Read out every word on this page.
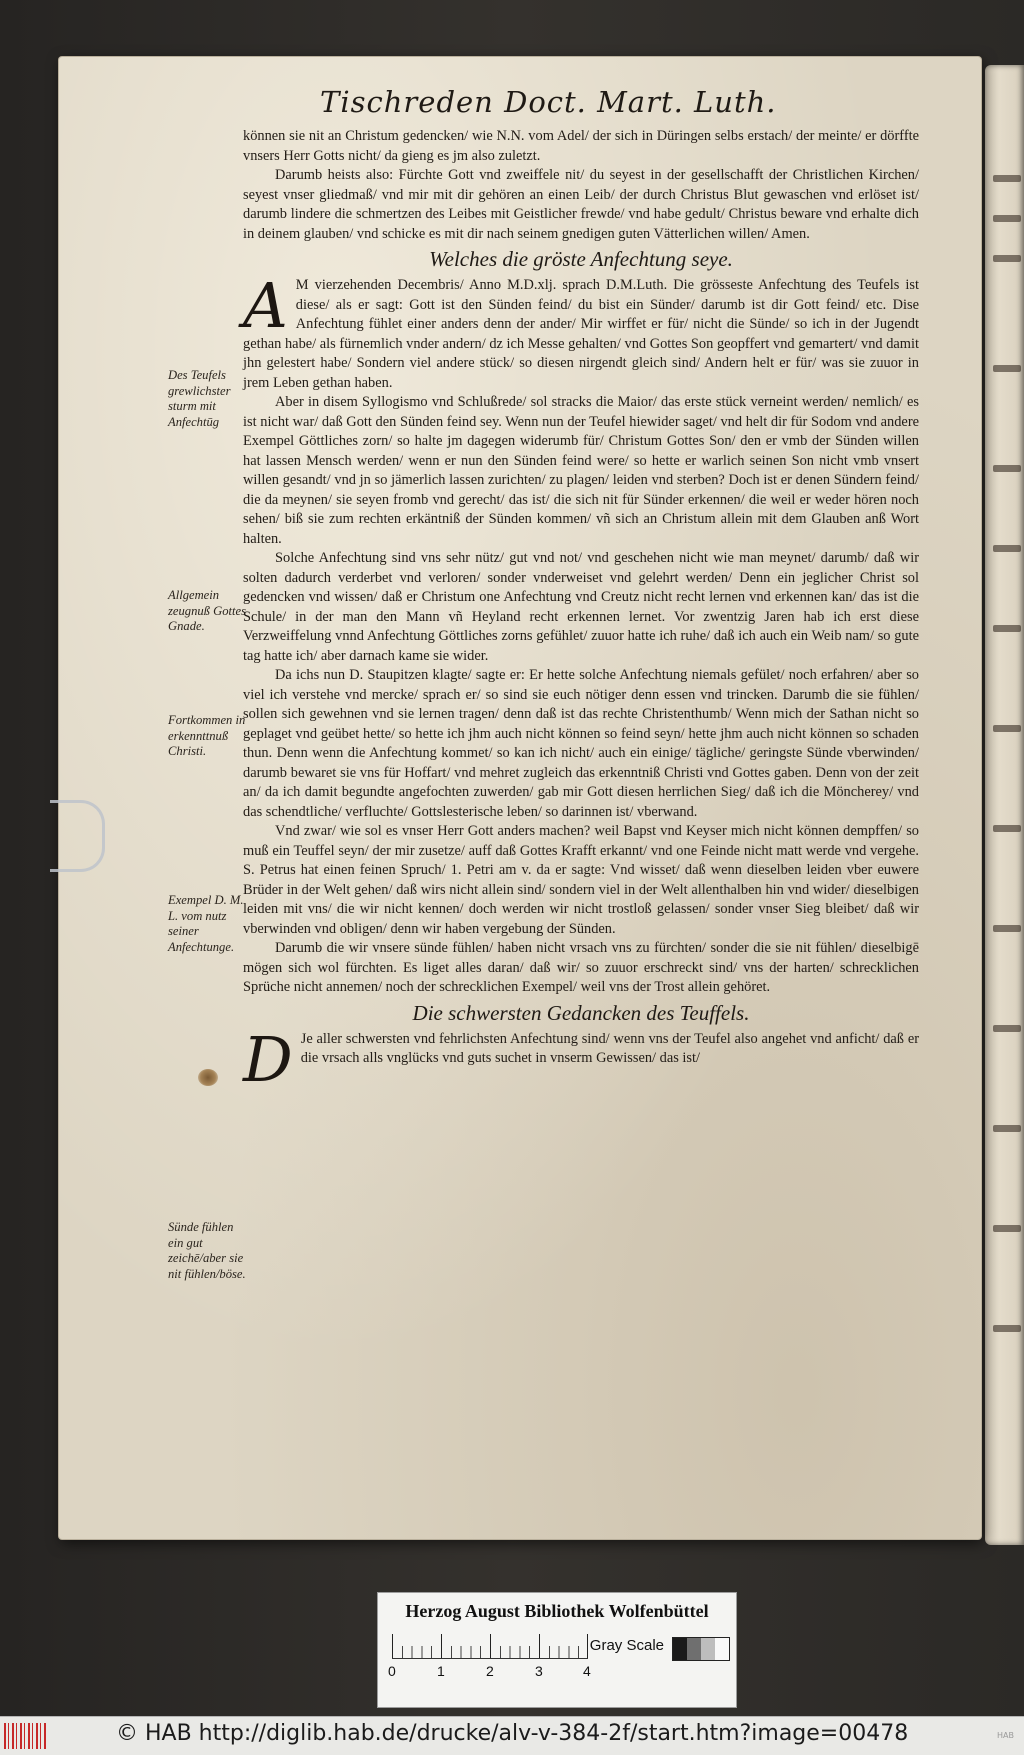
Tischreden Doct. Mart. Luth.
Des Teufels grewlichster sturm mit Anfechtūg
Allgemein zeugnuß Gottes Gnade.
Fortkommen in erkennttnuß Christi.
Exempel D. M. L. vom nutz seiner Anfechtunge.
Sünde fühlen ein gut zeichē/aber sie nit fühlen/böse.

können sie nit an Christum gedencken/ wie N.N. vom Adel/ der sich in Düringen selbs erstach/ der meinte/ er dörffte vnsers Herr Gotts nicht/ da gieng es jm also zuletzt.

Darumb heists also: Fürchte Gott vnd zweiffele nit/ du seyest in der gesellschafft der Christlichen Kirchen/ seyest vnser gliedmaß/ vnd mir mit dir gehören an einen Leib/ der durch Christus Blut gewaschen vnd erlöset ist/ darumb lindere die schmertzen des Leibes mit Geistlicher frewde/ vnd habe gedult/ Christus beware vnd erhalte dich in deinem glauben/ vnd schicke es mit dir nach seinem gnedigen guten Vätterlichen willen/ Amen.

Welches die gröste Anfechtung seye.

A M vierzehenden Decembris/ Anno M.D.xlj. sprach D.M.Luth. Die grösseste Anfechtung des Teufels ist diese/ als er sagt: Gott ist den Sünden feind/ du bist ein Sünder/ darumb ist dir Gott feind/ etc. Dise Anfechtung fühlet einer anders denn der ander/ Mir wirffet er für/ nicht die Sünde/ so ich in der Jugendt gethan habe/ als fürnemlich vnder andern/ dz ich Messe gehalten/ vnd Gottes Son geopffert vnd gemartert/ vnd damit jhn gelestert habe/ Sondern viel andere stück/ so diesen nirgendt gleich sind/ Andern helt er für/ was sie zuuor in jrem Leben gethan haben.

Aber in disem Syllogismo vnd Schlußrede/ sol stracks die Maior/ das erste stück verneint werden/ nemlich/ es ist nicht war/ daß Gott den Sünden feind sey. Wenn nun der Teufel hiewider saget/ vnd helt dir für Sodom vnd andere Exempel Göttliches zorn/ so halte jm dagegen widerumb für/ Christum Gottes Son/ den er vmb der Sünden willen hat lassen Mensch werden/ wenn er nun den Sünden feind were/ so hette er warlich seinen Son nicht vmb vnsert willen gesandt/ vnd jn so jämerlich lassen zurichten/ zu plagen/ leiden vnd sterben? Doch ist er denen Sündern feind/ die da meynen/ sie seyen fromb vnd gerecht/ das ist/ die sich nit für Sünder erkennen/ die weil er weder hören noch sehen/ biß sie zum rechten erkäntniß der Sünden kommen/ vñ sich an Christum allein mit dem Glauben anß Wort halten.

Solche Anfechtung sind vns sehr nütz/ gut vnd not/ vnd geschehen nicht wie man meynet/ darumb/ daß wir solten dadurch verderbet vnd verloren/ sonder vnderweiset vnd gelehrt werden/ Denn ein jeglicher Christ sol gedencken vnd wissen/ daß er Christum one Anfechtung vnd Creutz nicht recht lernen vnd erkennen kan/ das ist die Schule/ in der man den Mann vñ Heyland recht erkennen lernet. Vor zwentzig Jaren hab ich erst diese Verzweiffelung vnnd Anfechtung Göttliches zorns gefühlet/ zuuor hatte ich ruhe/ daß ich auch ein Weib nam/ so gute tag hatte ich/ aber darnach kame sie wider.

Da ichs nun D. Staupitzen klagte/ sagte er: Er hette solche Anfechtung niemals gefület/ noch erfahren/ aber so viel ich verstehe vnd mercke/ sprach er/ so sind sie euch nötiger denn essen vnd trincken. Darumb die sie fühlen/ sollen sich gewehnen vnd sie lernen tragen/ denn daß ist das rechte Christenthumb/ Wenn mich der Sathan nicht so geplaget vnd geübet hette/ so hette ich jhm auch nicht können so feind seyn/ hette jhm auch nicht können so schaden thun. Denn wenn die Anfechtung kommet/ so kan ich nicht/ auch ein einige/ tägliche/ geringste Sünde vberwinden/ darumb bewaret sie vns für Hoffart/ vnd mehret zugleich das erkenntniß Christi vnd Gottes gaben. Denn von der zeit an/ da ich damit begundte angefochten zuwerden/ gab mir Gott diesen herrlichen Sieg/ daß ich die Möncherey/ vnd das schendtliche/ verfluchte/ Gottslesterische leben/ so darinnen ist/ vberwand.

Vnd zwar/ wie sol es vnser Herr Gott anders machen? weil Bapst vnd Keyser mich nicht können dempffen/ so muß ein Teuffel seyn/ der mir zusetze/ auff daß Gottes Krafft erkannt/ vnd one Feinde nicht matt werde vnd vergehe. S. Petrus hat einen feinen Spruch/ 1. Petri am v. da er sagte: Vnd wisset/ daß wenn dieselben leiden vber euwere Brüder in der Welt gehen/ daß wirs nicht allein sind/ sondern viel in der Welt allenthalben hin vnd wider/ dieselbigen leiden mit vns/ die wir nicht kennen/ doch werden wir nicht trostloß gelassen/ sonder vnser Sieg bleibet/ daß wir vberwinden vnd obligen/ denn wir haben vergebung der Sünden.

Darumb die wir vnsere sünde fühlen/ haben nicht vrsach vns zu fürchten/ sonder die sie nit fühlen/ dieselbigē mögen sich wol fürchten. Es liget alles daran/ daß wir/ so zuuor erschreckt sind/ vns der harten/ schrecklichen Sprüche nicht annemen/ noch der schrecklichen Exempel/ weil vns der Trost allein gehöret.

Die schwersten Gedancken des Teuffels.

D Je aller schwersten vnd fehrlichsten Anfechtung sind/ wenn vns der Teufel also angehet vnd anficht/ daß er die vrsach alls vnglücks vnd guts suchet in vnserm Gewissen/ das ist/

Herzog August Bibliothek Wolfenbüttel
0	1	2	3	4
Gray Scale
© HAB http://diglib.hab.de/drucke/alv-v-384-2f/start.htm?image=00478	HAB
